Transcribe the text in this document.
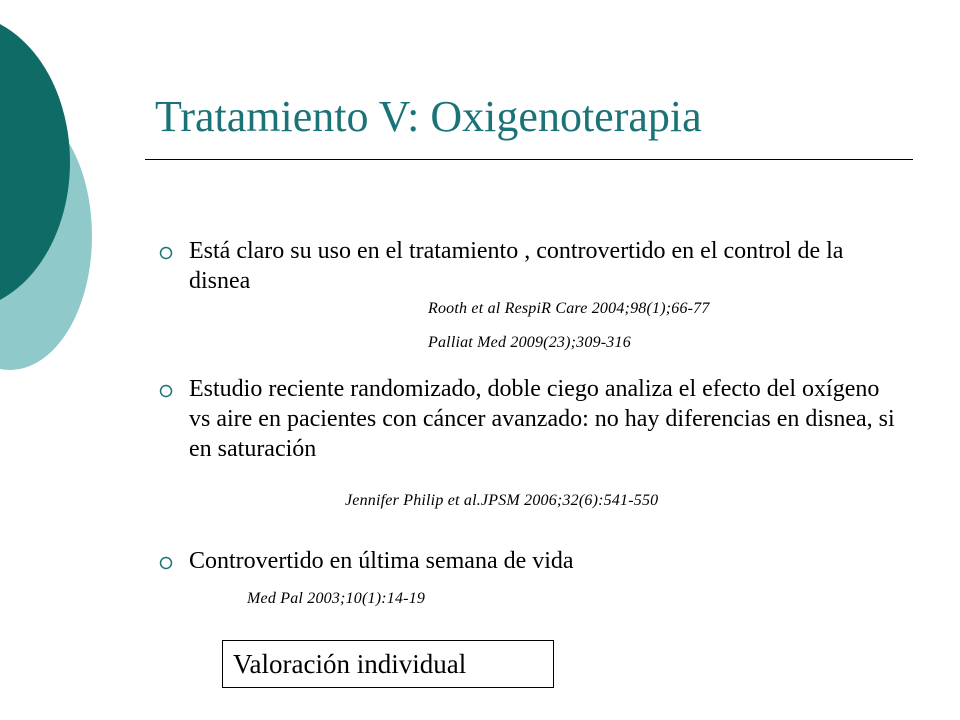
Tratamiento V: Oxigenoterapia

Está claro su uso en el tratamiento , controvertido en el control de la disnea

Rooth et al RespiR Care 2004;98(1);66-77
Palliat Med 2009(23);309-316

Estudio reciente randomizado, doble ciego analiza el efecto del oxígeno vs aire en pacientes con cáncer avanzado: no hay diferencias en disnea, si en saturación

Jennifer Philip et al.JPSM 2006;32(6):541-550

Controvertido en última semana de vida

Med Pal 2003;10(1):14-19
Valoración individual
